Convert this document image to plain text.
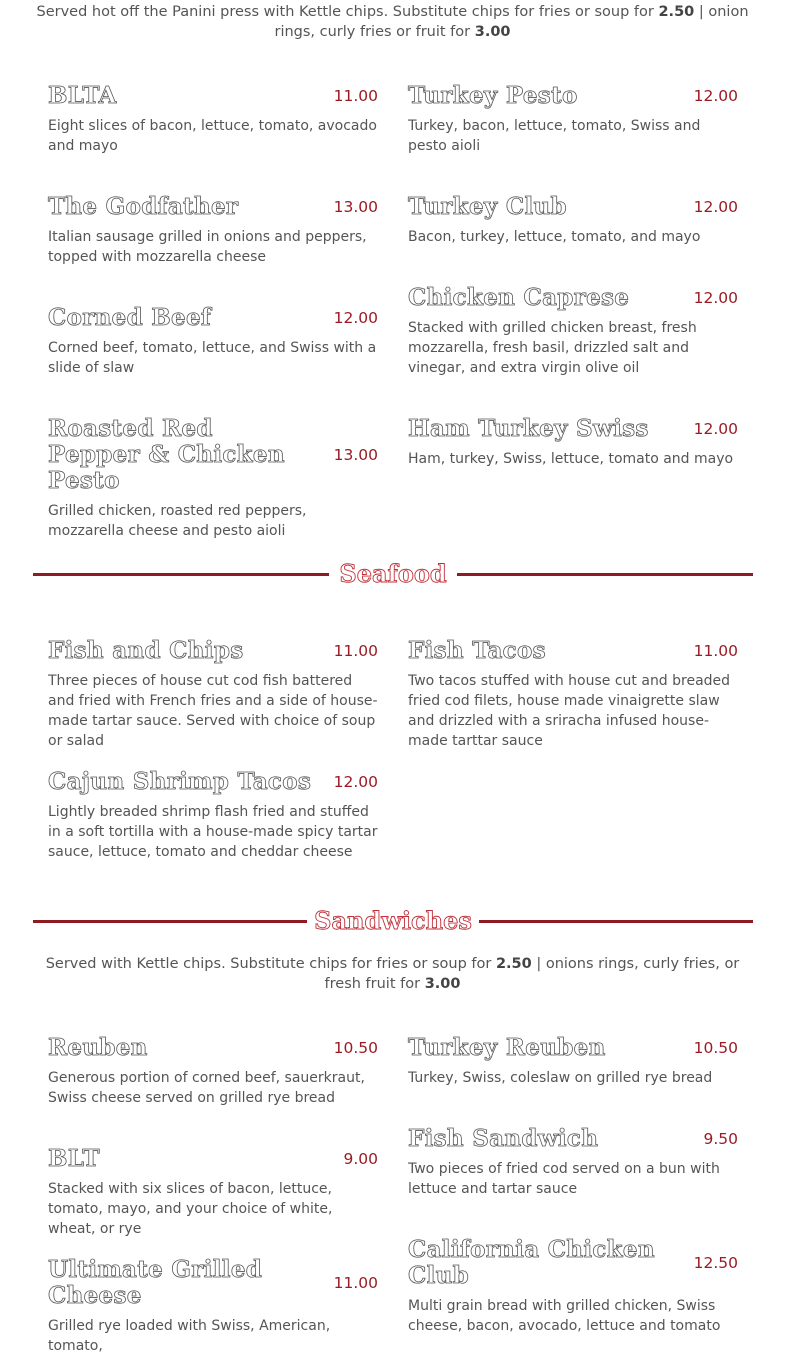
Served hot off the Panini press with Kettle chips. Substitute chips for fries or soup for 2.50 | onion rings, curly fries or fruit for 3.00

BLTA	11.00
Eight slices of bacon, lettuce, tomato, avocado and mayo
Turkey Pesto	12.00
Turkey, bacon, lettuce, tomato, Swiss and pesto aioli
The Godfather	13.00
Italian sausage grilled in onions and peppers, topped with mozzarella cheese
Turkey Club	12.00
Bacon, turkey, lettuce, tomato, and mayo
Chicken Caprese	12.00
Stacked with grilled chicken breast, fresh mozzarella, fresh basil, drizzled salt and vinegar, and extra virgin olive oil
Corned Beef	12.00
Corned beef, tomato, lettuce, and Swiss with a slide of slaw
Roasted Red Pepper & Chicken Pesto
13.00
Grilled chicken, roasted red peppers, mozzarella cheese and pesto aioli
Ham Turkey Swiss	12.00
Ham, turkey, Swiss, lettuce, tomato and mayo
Seafood
Fish and Chips	11.00
Three pieces of house cut cod fish battered and fried with French fries and a side of house-made tartar sauce. Served with choice of soup or salad
Fish Tacos	11.00
Two tacos stuffed with house cut and breaded fried cod filets, house made vinaigrette slaw and drizzled with a sriracha infused house-made tarttar sauce
Cajun Shrimp Tacos 12.00
Lightly breaded shrimp flash fried and stuffed in a soft tortilla with a house-made spicy tartar sauce, lettuce, tomato and cheddar cheese
Sandwiches

Served with Kettle chips. Substitute chips for fries or soup for 2.50 | onions rings, curly fries, or fresh fruit for 3.00

Reuben	10.50
Generous portion of corned beef, sauerkraut, Swiss cheese served on grilled rye bread
Turkey Reuben	10.50
Turkey, Swiss, coleslaw on grilled rye bread
BLT	9.00
Stacked with six slices of bacon, lettuce, tomato, mayo, and your choice of white, wheat, or rye
Fish Sandwich	9.50
Two pieces of fried cod served on a bun with lettuce and tartar sauce
California Chicken Club	12.50
Multi grain bread with grilled chicken, Swiss cheese, bacon, avocado, lettuce and tomato
Ultimate Grilled Cheese	11.00
Grilled rye loaded with Swiss, American, tomato,
